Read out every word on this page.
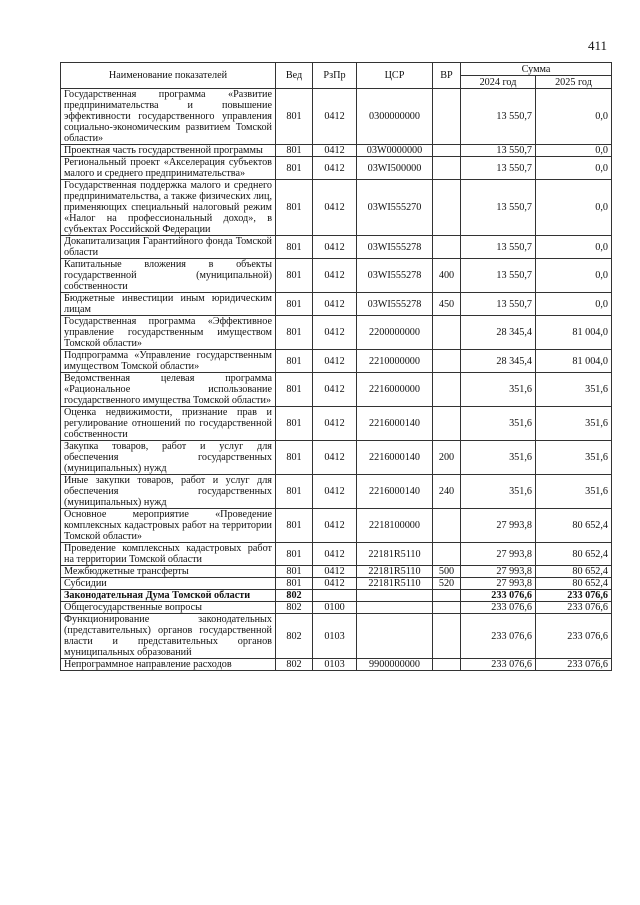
411
Наименование показателей	Вед	РзПр	ЦСР	ВР	Сумма	
					2024 год	2025 год
Государственная программа «Развитие предпринимательства и повышение эффективности государственного управления социально-экономическим развитием Томской области»	801	0412	0300000000		13 550,7	0,0
Проектная часть государственной программы	801	0412	03W0000000		13 550,7	0,0
Региональный проект «Акселерация субъектов малого и среднего предпринимательства»	801	0412	03WI500000		13 550,7	0,0
Государственная поддержка малого и среднего предпринимательства, а также физических лиц, применяющих специальный налоговый режим «Налог на профессиональный доход», в субъектах Российской Федерации	801	0412	03WI555270		13 550,7	0,0
Докапитализация Гарантийного фонда Томской области	801	0412	03WI555278		13 550,7	0,0
Капитальные вложения в объекты государственной (муниципальной) собственности	801	0412	03WI555278	400	13 550,7	0,0
Бюджетные инвестиции иным юридическим лицам	801	0412	03WI555278	450	13 550,7	0,0
Государственная программа «Эффективное управление государственным имуществом Томской области»	801	0412	2200000000		28 345,4	81 004,0
Подпрограмма «Управление государственным имуществом Томской области»	801	0412	2210000000		28 345,4	81 004,0
Ведомственная целевая программа «Рациональное использование государственного имущества Томской области»	801	0412	2216000000		351,6	351,6
Оценка недвижимости, признание прав и регулирование отношений по государственной собственности	801	0412	2216000140		351,6	351,6
Закупка товаров, работ и услуг для обеспечения государственных (муниципальных) нужд	801	0412	2216000140	200	351,6	351,6
Иные закупки товаров, работ и услуг для обеспечения государственных (муниципальных) нужд	801	0412	2216000140	240	351,6	351,6
Основное мероприятие «Проведение комплексных кадастровых работ на территории Томской области»	801	0412	2218100000		27 993,8	80 652,4
Проведение комплексных кадастровых работ на территории Томской области	801	0412	22181R5110		27 993,8	80 652,4
Межбюджетные трансферты	801	0412	22181R5110	500	27 993,8	80 652,4
Субсидии	801	0412	22181R5110	520	27 993,8	80 652,4
Законодательная Дума Томской области	802				233 076,6	233 076,6
Общегосударственные вопросы	802	0100			233 076,6	233 076,6
Функционирование законодательных (представительных) органов государственной власти и представительных органов муниципальных образований	802	0103			233 076,6	233 076,6
Непрограммное направление расходов	802	0103	9900000000		233 076,6	233 076,6
